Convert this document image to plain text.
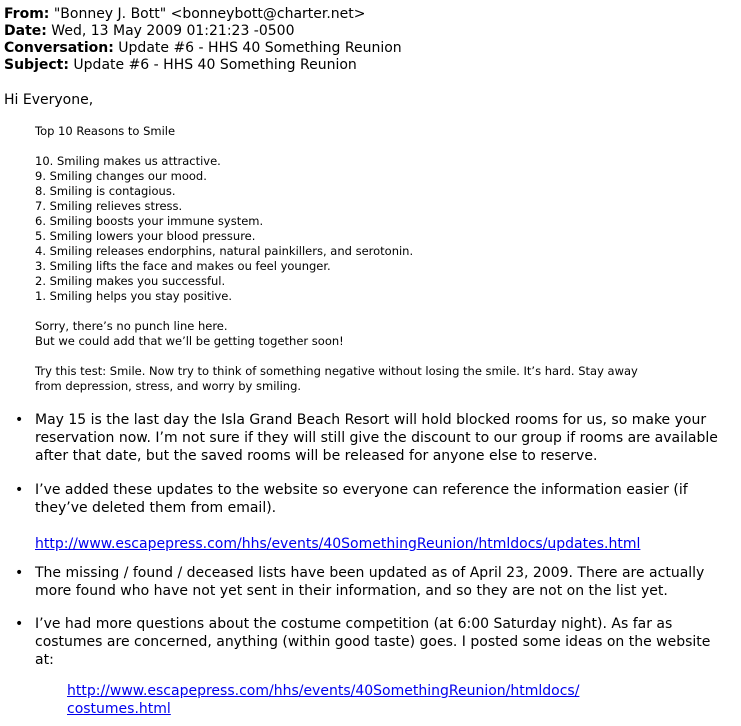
From: "Bonney J. Bott" <bonneybott@charter.net>
Date: Wed, 13 May 2009 01:21:23 -0500
Conversation: Update #6 - HHS 40 Something Reunion
Subject: Update #6 - HHS 40 Something Reunion
Hi Everyone,

Top 10 Reasons to Smile

10. Smiling makes us attractive.
9. Smiling changes our mood.
8. Smiling is contagious.
7. Smiling relieves stress.
6. Smiling boosts your immune system.
5. Smiling lowers your blood pressure.
4. Smiling releases endorphins, natural painkillers, and serotonin.
3. Smiling lifts the face and makes ou feel younger.
2. Smiling makes you successful.
1. Smiling helps you stay positive.

Sorry, there’s no punch line here.

But we could add that we’ll be getting together soon!

Try this test: Smile. Now try to think of something negative without losing the smile. It’s hard. Stay away

from depression, stress, and worry by smiling.

• May 15 is the last day the Isla Grand Beach Resort will hold blocked rooms for us, so make your reservation now. I’m not sure if they will still give the discount to our group if rooms are available after that date, but the saved rooms will be released for anyone else to reserve.
• I’ve added these updates to the website so everyone can reference the information easier (if they’ve deleted them from email).
http://www.escapepress.com/hhs/events/40SomethingReunion/htmldocs/updates.html
• The missing / found / deceased lists have been updated as of April 23, 2009. There are actually more found who have not yet sent in their information, and so they are not on the list yet.
• I’ve had more questions about the costume competition (at 6:00 Saturday night). As far as costumes are concerned, anything (within good taste) goes. I posted some ideas on the website at:
http://www.escapepress.com/hhs/events/40SomethingReunion/htmldocs/
costumes.html
